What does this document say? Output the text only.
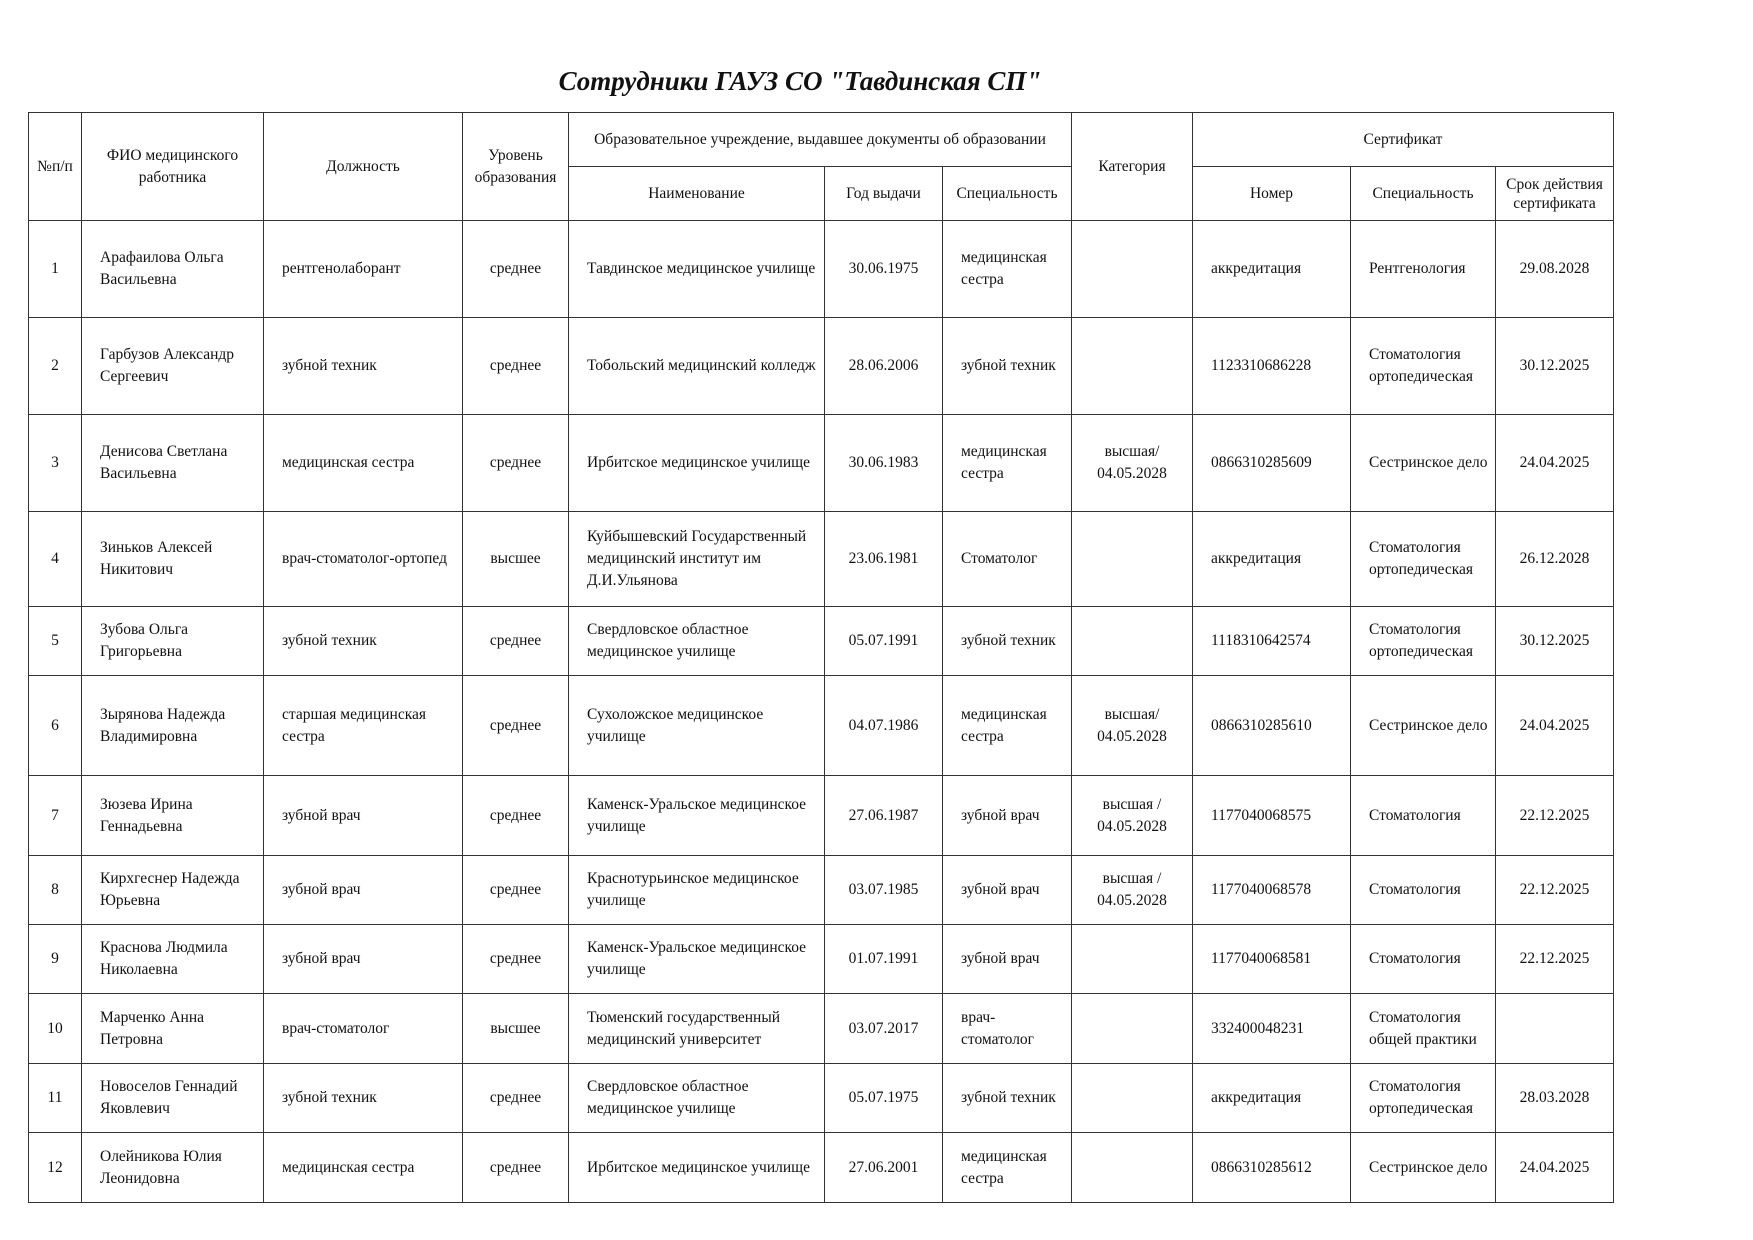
Сотрудники ГАУЗ СО "Тавдинская СП"
№п/п	ФИО медицинского работника	Должность	Уровень образования	Образовательное учреждение, выдавшее документы об образовании			Категория	Сертификат		
				Наименование	Год выдачи	Специальность		Номер	Специальность	Срок действия сертификата
1	Арафаилова Ольга Васильевна	рентгенолаборант	среднее	Тавдинское медицинское училище	30.06.1975	медицинская сестра		аккредитация	Рентгенология	29.08.2028
2	Гарбузов Александр Сергеевич	зубной техник	среднее	Тобольский медицинский колледж	28.06.2006	зубной техник		1123310686228	Стоматология ортопедическая	30.12.2025
3	Денисова Светлана Васильевна	медицинская сестра	среднее	Ирбитское медицинское училище	30.06.1983	медицинская сестра	высшая/ 04.05.2028	0866310285609	Сестринское дело	24.04.2025
4	Зиньков Алексей Никитович	врач-стоматолог-ортопед	высшее	Куйбышевский Государственный медицинский институт им Д.И.Ульянова	23.06.1981	Стоматолог		аккредитация	Стоматология ортопедическая	26.12.2028
5	Зубова Ольга Григорьевна	зубной техник	среднее	Свердловское областное медицинское училище	05.07.1991	зубной техник		1118310642574	Стоматология ортопедическая	30.12.2025
6	Зырянова Надежда Владимировна	старшая медицинская сестра	среднее	Сухоложское медицинское училище	04.07.1986	медицинская сестра	высшая/ 04.05.2028	0866310285610	Сестринское дело	24.04.2025
7	Зюзева Ирина Геннадьевна	зубной врач	среднее	Каменск-Уральское медицинское училище	27.06.1987	зубной врач	высшая / 04.05.2028	1177040068575	Стоматология	22.12.2025
8	Кирхгеснер Надежда Юрьевна	зубной врач	среднее	Краснотурьинское медицинское училище	03.07.1985	зубной врач	высшая / 04.05.2028	1177040068578	Стоматология	22.12.2025
9	Краснова Людмила Николаевна	зубной врач	среднее	Каменск-Уральское медицинское училище	01.07.1991	зубной врач		1177040068581	Стоматология	22.12.2025
10	Марченко Анна Петровна	врач-стоматолог	высшее	Тюменский государственный медицинский университет	03.07.2017	врач-стоматолог		332400048231	Стоматология общей практики	
11	Новоселов Геннадий Яковлевич	зубной техник	среднее	Свердловское областное медицинское училище	05.07.1975	зубной техник		аккредитация	Стоматология ортопедическая	28.03.2028
12	Олейникова Юлия Леонидовна	медицинская сестра	среднее	Ирбитское медицинское училище	27.06.2001	медицинская сестра		0866310285612	Сестринское дело	24.04.2025
